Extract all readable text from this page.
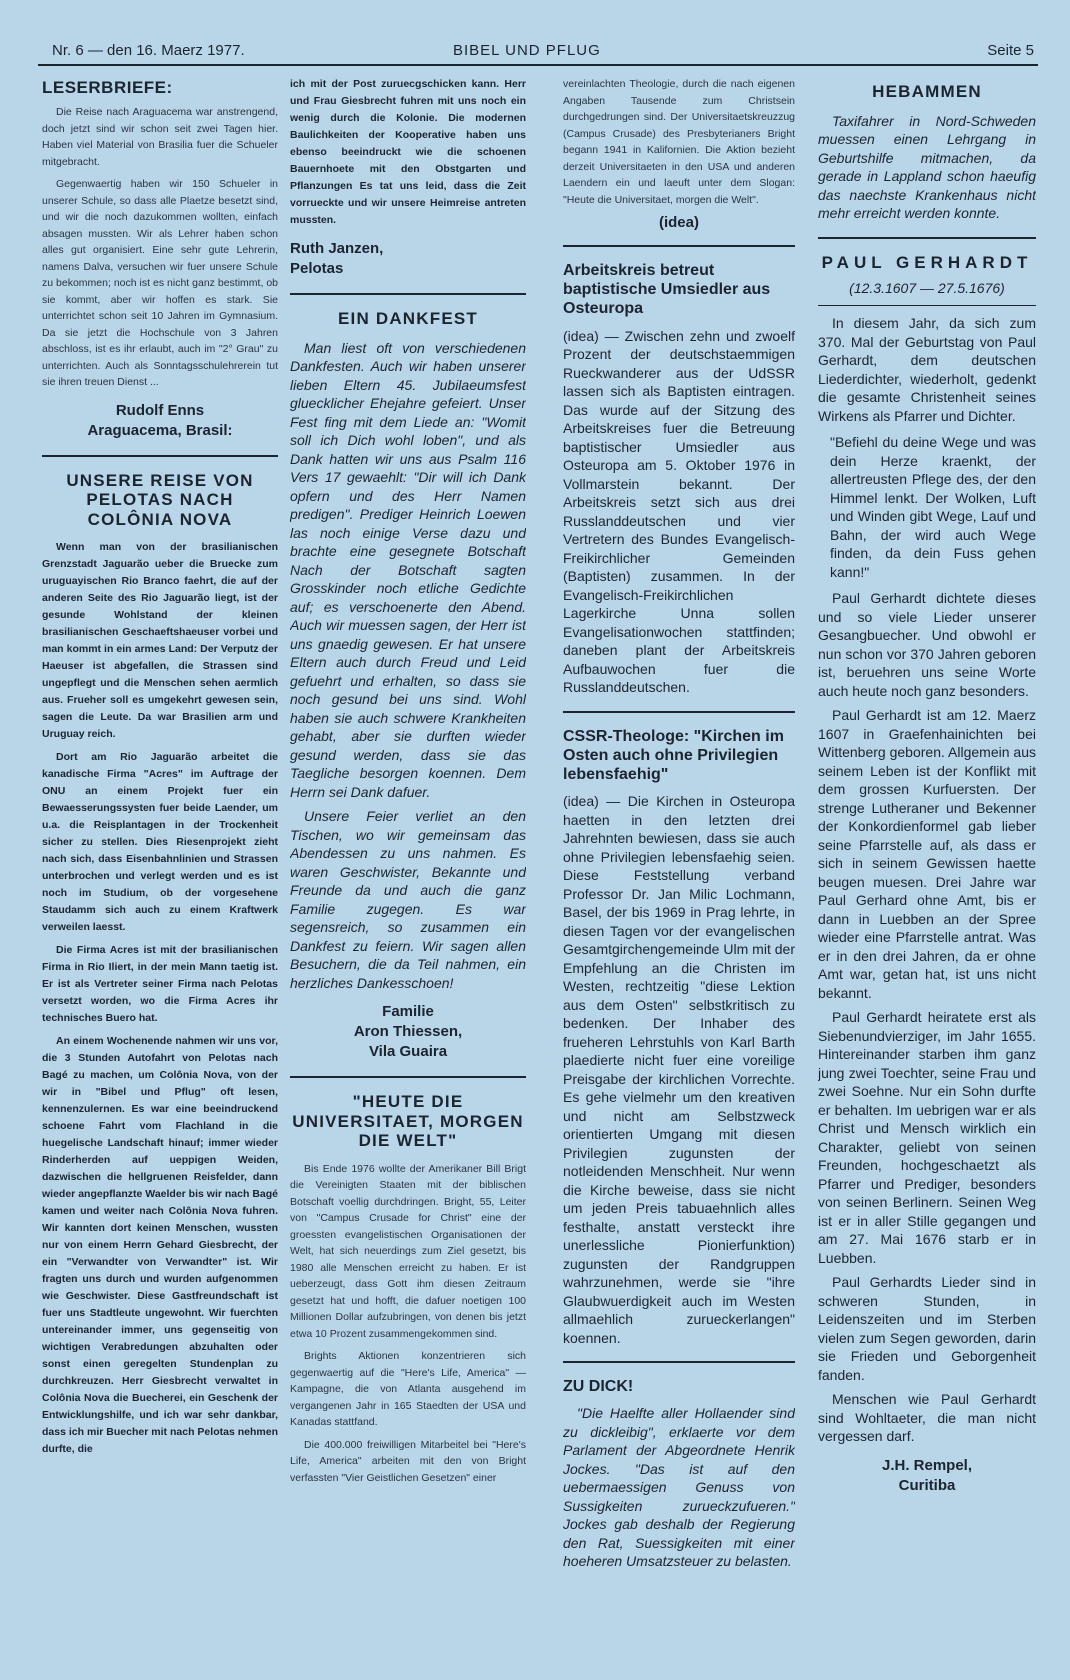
Nr. 6 — den 16. Maerz 1977.	BIBEL UND PFLUG	Seite 5
LESERBRIEFE:

Die Reise nach Araguacema war anstrengend, doch jetzt sind wir schon seit zwei Tagen hier. Haben viel Material von Brasilia fuer die Schueler mitgebracht.

Gegenwaertig haben wir 150 Schueler in unserer Schule, so dass alle Plaetze besetzt sind, und wir die noch dazukommen wollten, einfach absagen mussten. Wir als Lehrer haben schon alles gut organisiert. Eine sehr gute Lehrerin, namens Dalva, versuchen wir fuer unsere Schule zu bekommen; noch ist es nicht ganz bestimmt, ob sie kommt, aber wir hoffen es stark. Sie unterrichtet schon seit 10 Jahren im Gymnasium. Da sie jetzt die Hochschule von 3 Jahren abschloss, ist es ihr erlaubt, auch im "2° Grau" zu unterrichten. Auch als Sonntagsschulehrerein tut sie ihren treuen Dienst ...

Rudolf Enns
Araguacema, Brasil:
UNSERE REISE VON PELOTAS NACH COLÔNIA NOVA

Wenn man von der brasilianischen Grenzstadt Jaguarão ueber die Bruecke zum uruguayischen Rio Branco faehrt, die auf der anderen Seite des Rio Jaguarão liegt, ist der gesunde Wohlstand der kleinen brasilianischen Geschaeftshaeuser vorbei und man kommt in ein armes Land: Der Verputz der Haeuser ist abgefallen, die Strassen sind ungepflegt und die Menschen sehen aermlich aus. Frueher soll es umgekehrt gewesen sein, sagen die Leute. Da war Brasilien arm und Uruguay reich.

Dort am Rio Jaguarão arbeitet die kanadische Firma "Acres" im Auftrage der ONU an einem Projekt fuer ein Bewaesserungssysten fuer beide Laender, um u.a. die Reisplantagen in der Trockenheit sicher zu stellen. Dies Riesenprojekt zieht nach sich, dass Eisenbahnlinien und Strassen unterbrochen und verlegt werden und es ist noch im Studium, ob der vorgesehene Staudamm sich auch zu einem Kraftwerk verweilen laesst.

Die Firma Acres ist mit der brasilianischen Firma in Rio Iliert, in der mein Mann taetig ist. Er ist als Vertreter seiner Firma nach Pelotas versetzt worden, wo die Firma Acres ihr technisches Buero hat.

An einem Wochenende nahmen wir uns vor, die 3 Stunden Autofahrt von Pelotas nach Bagé zu machen, um Colônia Nova, von der wir in "Bibel und Pflug" oft lesen, kennenzulernen. Es war eine beeindruckend schoene Fahrt vom Flachland in die huegelische Landschaft hinauf; immer wieder Rinderherden auf ueppigen Weiden, dazwischen die hellgruenen Reisfelder, dann wieder angepflanzte Waelder bis wir nach Bagé kamen und weiter nach Colônia Nova fuhren. Wir kannten dort keinen Menschen, wussten nur von einem Herrn Gehard Giesbrecht, der ein "Verwandter von Verwandter" ist. Wir fragten uns durch und wurden aufgenommen wie Geschwister. Diese Gastfreundschaft ist fuer uns Stadtleute ungewohnt. Wir fuerchten untereinander immer, uns gegenseitig von wichtigen Verabredungen abzuhalten oder sonst einen geregelten Stundenplan zu durchkreuzen. Herr Giesbrecht verwaltet in Colônia Nova die Buecherei, ein Geschenk der Entwicklungshilfe, und ich war sehr dankbar, dass ich mir Buecher mit nach Pelotas nehmen durfte, die

ich mit der Post zuruecgschicken kann. Herr und Frau Giesbrecht fuhren mit uns noch ein wenig durch die Kolonie. Die modernen Baulichkeiten der Kooperative haben uns ebenso beeindruckt wie die schoenen Bauernhoete mit den Obstgarten und Pflanzungen Es tat uns leid, dass die Zeit vorrueckte und wir unsere Heimreise antreten mussten.

Ruth Janzen,
Pelotas
EIN DANKFEST

Man liest oft von verschiedenen Dankfesten. Auch wir haben unserer lieben Eltern 45. Jubilaeumsfest gluecklicher Ehejahre gefeiert. Unser Fest fing mit dem Liede an: "Womit soll ich Dich wohl loben", und als Dank hatten wir uns aus Psalm 116 Vers 17 gewaehlt: "Dir will ich Dank opfern und des Herr Namen predigen". Prediger Heinrich Loewen las noch einige Verse dazu und brachte eine gesegnete Botschaft Nach der Botschaft sagten Grosskinder noch etliche Gedichte auf; es verschoenerte den Abend. Auch wir muessen sagen, der Herr ist uns gnaedig gewesen. Er hat unsere Eltern auch durch Freud und Leid gefuehrt und erhalten, so dass sie noch gesund bei uns sind. Wohl haben sie auch schwere Krankheiten gehabt, aber sie durften wieder gesund werden, dass sie das Taegliche besorgen koennen. Dem Herrn sei Dank dafuer.

Unsere Feier verliet an den Tischen, wo wir gemeinsam das Abendessen zu uns nahmen. Es waren Geschwister, Bekannte und Freunde da und auch die ganz Familie zugegen. Es war segensreich, so zusammen ein Dankfest zu feiern. Wir sagen allen Besuchern, die da Teil nahmen, ein herzliches Dankesschoen!

Familie
Aron Thiessen,
Vila Guaira
"HEUTE DIE UNIVERSITAET, MORGEN DIE WELT"

Bis Ende 1976 wollte der Amerikaner Bill Brigt die Vereinigten Staaten mit der biblischen Botschaft voellig durchdringen. Bright, 55, Leiter von "Campus Crusade for Christ" eine der groessten evangelistischen Organisationen der Welt, hat sich neuerdings zum Ziel gesetzt, bis 1980 alle Menschen erreicht zu haben. Er ist ueberzeugt, dass Gott ihm diesen Zeitraum gesetzt hat und hofft, die dafuer noetigen 100 Millionen Dollar aufzubringen, von denen bis jetzt etwa 10 Prozent zusammengekommen sind.

Brights Aktionen konzentrieren sich gegenwaertig auf die "Here's Life, America" — Kampagne, die von Atlanta ausgehend im vergangenen Jahr in 165 Staedten der USA und Kanadas stattfand.

Die 400.000 freiwilligen Mitarbeitel bei "Here's Life, America" arbeiten mit den von Bright verfassten "Vier Geistlichen Gesetzen" einer

vereinlachten Theologie, durch die nach eigenen Angaben Tausende zum Christsein durchgedrungen sind. Der Universitaetskreuzzug (Campus Crusade) des Presbyterianers Bright begann 1941 in Kalifornien. Die Aktion bezieht derzeit Universitaeten in den USA und anderen Laendern ein und laeuft unter dem Slogan: "Heute die Universitaet, morgen die Welt".

(idea)
Arbeitskreis betreut baptistische Umsiedler aus Osteuropa

(idea) — Zwischen zehn und zwoelf Prozent der deutschstaemmigen Rueckwanderer aus der UdSSR lassen sich als Baptisten eintragen. Das wurde auf der Sitzung des Arbeitskreises fuer die Betreuung baptistischer Umsiedler aus Osteuropa am 5. Oktober 1976 in Vollmarstein bekannt. Der Arbeitskreis setzt sich aus drei Russlanddeutschen und vier Vertretern des Bundes Evangelisch-Freikirchlicher Gemeinden (Baptisten) zusammen. In der Evangelisch-Freikirchlichen Lagerkirche Unna sollen Evangelisationwochen stattfinden; daneben plant der Arbeitskreis Aufbauwochen fuer die Russlanddeutschen.

CSSR-Theologe: "Kirchen im Osten auch ohne Privilegien lebensfaehig"

(idea) — Die Kirchen in Osteuropa haetten in den letzten drei Jahrehnten bewiesen, dass sie auch ohne Privilegien lebensfaehig seien. Diese Feststellung verband Professor Dr. Jan Milic Lochmann, Basel, der bis 1969 in Prag lehrte, in diesen Tagen vor der evangelischen Gesamtgirchengemeinde Ulm mit der Empfehlung an die Christen im Westen, rechtzeitig "diese Lektion aus dem Osten" selbstkritisch zu bedenken. Der Inhaber des frueheren Lehrstuhls von Karl Barth plaedierte nicht fuer eine voreilige Preisgabe der kirchlichen Vorrechte. Es gehe vielmehr um den kreativen und nicht am Selbstzweck orientierten Umgang mit diesen Privilegien zugunsten der notleidenden Menschheit. Nur wenn die Kirche beweise, dass sie nicht um jeden Preis tabuaehnlich alles festhalte, anstatt versteckt ihre unerlessliche Pionierfunktion) zugunsten der Randgruppen wahrzunehmen, werde sie "ihre Glaubwuerdigkeit auch im Westen allmaehlich zurueckerlangen" koennen.

ZU DICK!

"Die Haelfte aller Hollaender sind zu dickleibig", erklaerte vor dem Parlament der Abgeordnete Henrik Jockes. "Das ist auf den uebermaessigen Genuss von Sussigkeiten zurueckzufueren." Jockes gab deshalb der Regierung den Rat, Suessigkeiten mit einer hoeheren Umsatzsteuer zu belasten.

HEBAMMEN

Taxifahrer in Nord-Schweden muessen einen Lehrgang in Geburtshilfe mitmachen, da gerade in Lappland schon haeufig das naechste Krankenhaus nicht mehr erreicht werden konnte.

PAUL GERHARDT

(12.3.1607 — 27.5.1676)

In diesem Jahr, da sich zum 370. Mal der Geburtstag von Paul Gerhardt, dem deutschen Liederdichter, wiederholt, gedenkt die gesamte Christenheit seines Wirkens als Pfarrer und Dichter.

"Befiehl du deine Wege und was dein Herze kraenkt, der allertreusten Pflege des, der den Himmel lenkt. Der Wolken, Luft und Winden gibt Wege, Lauf und Bahn, der wird auch Wege finden, da dein Fuss gehen kann!"

Paul Gerhardt dichtete dieses und so viele Lieder unserer Gesangbuecher. Und obwohl er nun schon vor 370 Jahren geboren ist, beruehren uns seine Worte auch heute noch ganz besonders.

Paul Gerhardt ist am 12. Maerz 1607 in Graefenhainichten bei Wittenberg geboren. Allgemein aus seinem Leben ist der Konflikt mit dem grossen Kurfuersten. Der strenge Lutheraner und Bekenner der Konkordienformel gab lieber seine Pfarrstelle auf, als dass er sich in seinem Gewissen haette beugen muesen. Drei Jahre war Paul Gerhard ohne Amt, bis er dann in Luebben an der Spree wieder eine Pfarrstelle antrat. Was er in den drei Jahren, da er ohne Amt war, getan hat, ist uns nicht bekannt.

Paul Gerhardt heiratete erst als Siebenundvierziger, im Jahr 1655. Hintereinander starben ihm ganz jung zwei Toechter, seine Frau und zwei Soehne. Nur ein Sohn durfte er behalten. Im uebrigen war er als Christ und Mensch wirklich ein Charakter, geliebt von seinen Freunden, hochgeschaetzt als Pfarrer und Prediger, besonders von seinen Berlinern. Seinen Weg ist er in aller Stille gegangen und am 27. Mai 1676 starb er in Luebben.

Paul Gerhardts Lieder sind in schweren Stunden, in Leidenszeiten und im Sterben vielen zum Segen geworden, darin sie Frieden und Geborgenheit fanden.

Menschen wie Paul Gerhardt sind Wohltaeter, die man nicht vergessen darf.

J.H. Rempel,
Curitiba
